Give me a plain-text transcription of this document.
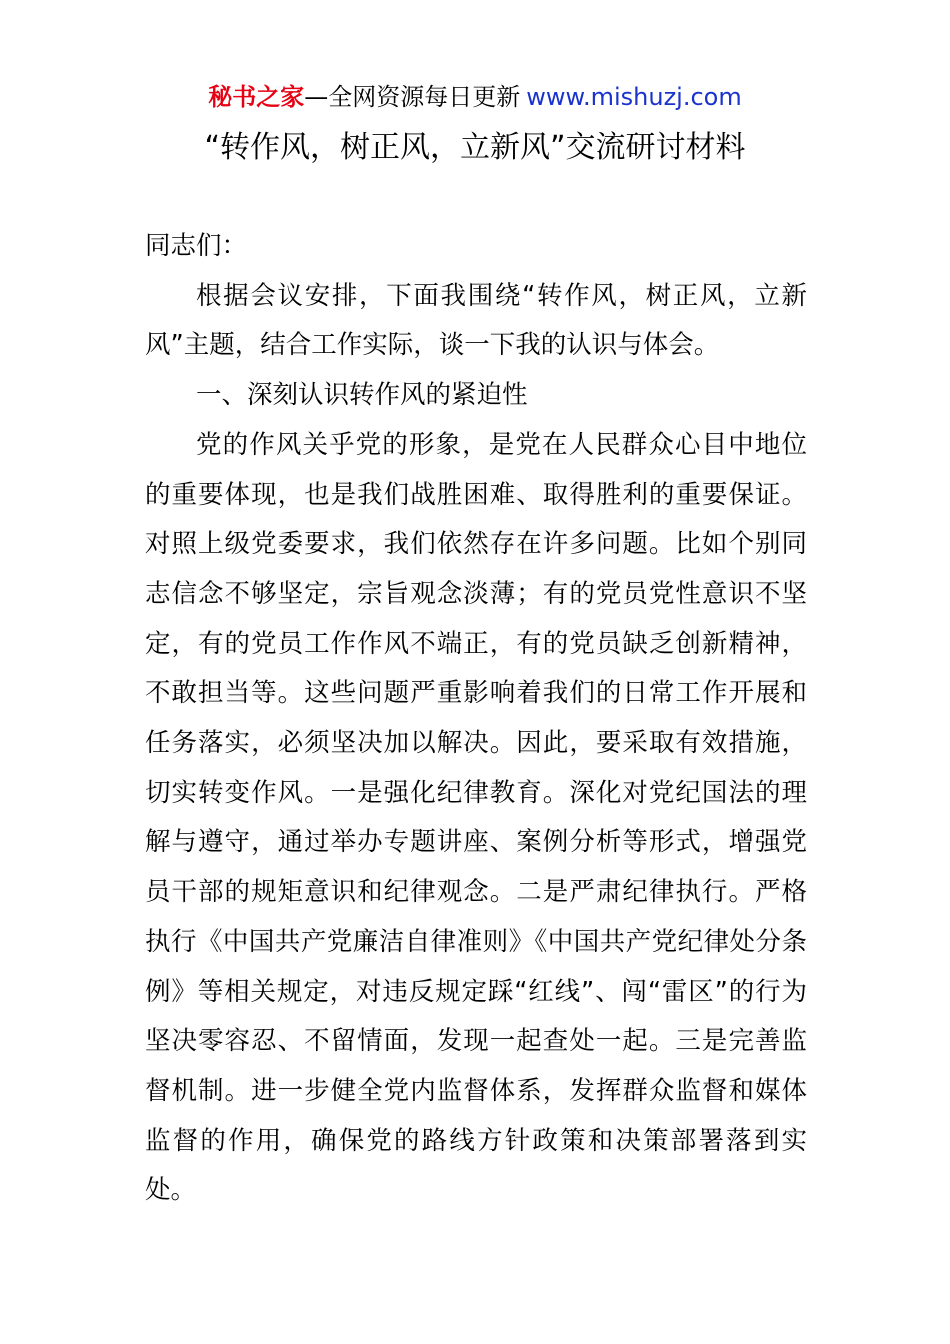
秘书之家—全网资源每日更新 www.mishuzj.com
“转作风，树正风，立新风”交流研讨材料

同志们：

根据会议安排，下面我围绕“转作风，树正风，立新风”主题，结合工作实际，谈一下我的认识与体会。

一、深刻认识转作风的紧迫性

党的作风关乎党的形象，是党在人民群众心目中地位的重要体现，也是我们战胜困难、取得胜利的重要保证。对照上级党委要求，我们依然存在许多问题。比如个别同志信念不够坚定，宗旨观念淡薄；有的党员党性意识不坚定，有的党员工作作风不端正，有的党员缺乏创新精神，不敢担当等。这些问题严重影响着我们的日常工作开展和任务落实，必须坚决加以解决。因此，要采取有效措施，切实转变作风。一是强化纪律教育。深化对党纪国法的理解与遵守，通过举办专题讲座、案例分析等形式，增强党员干部的规矩意识和纪律观念。二是严肃纪律执行。严格执行《中国共产党廉洁自律准则》《中国共产党纪律处分条例》等相关规定，对违反规定踩“红线”、闯“雷区”的行为坚决零容忍、不留情面，发现一起查处一起。三是完善监督机制。进一步健全党内监督体系，发挥群众监督和媒体监督的作用，确保党的路线方针政策和决策部署落到实处。
